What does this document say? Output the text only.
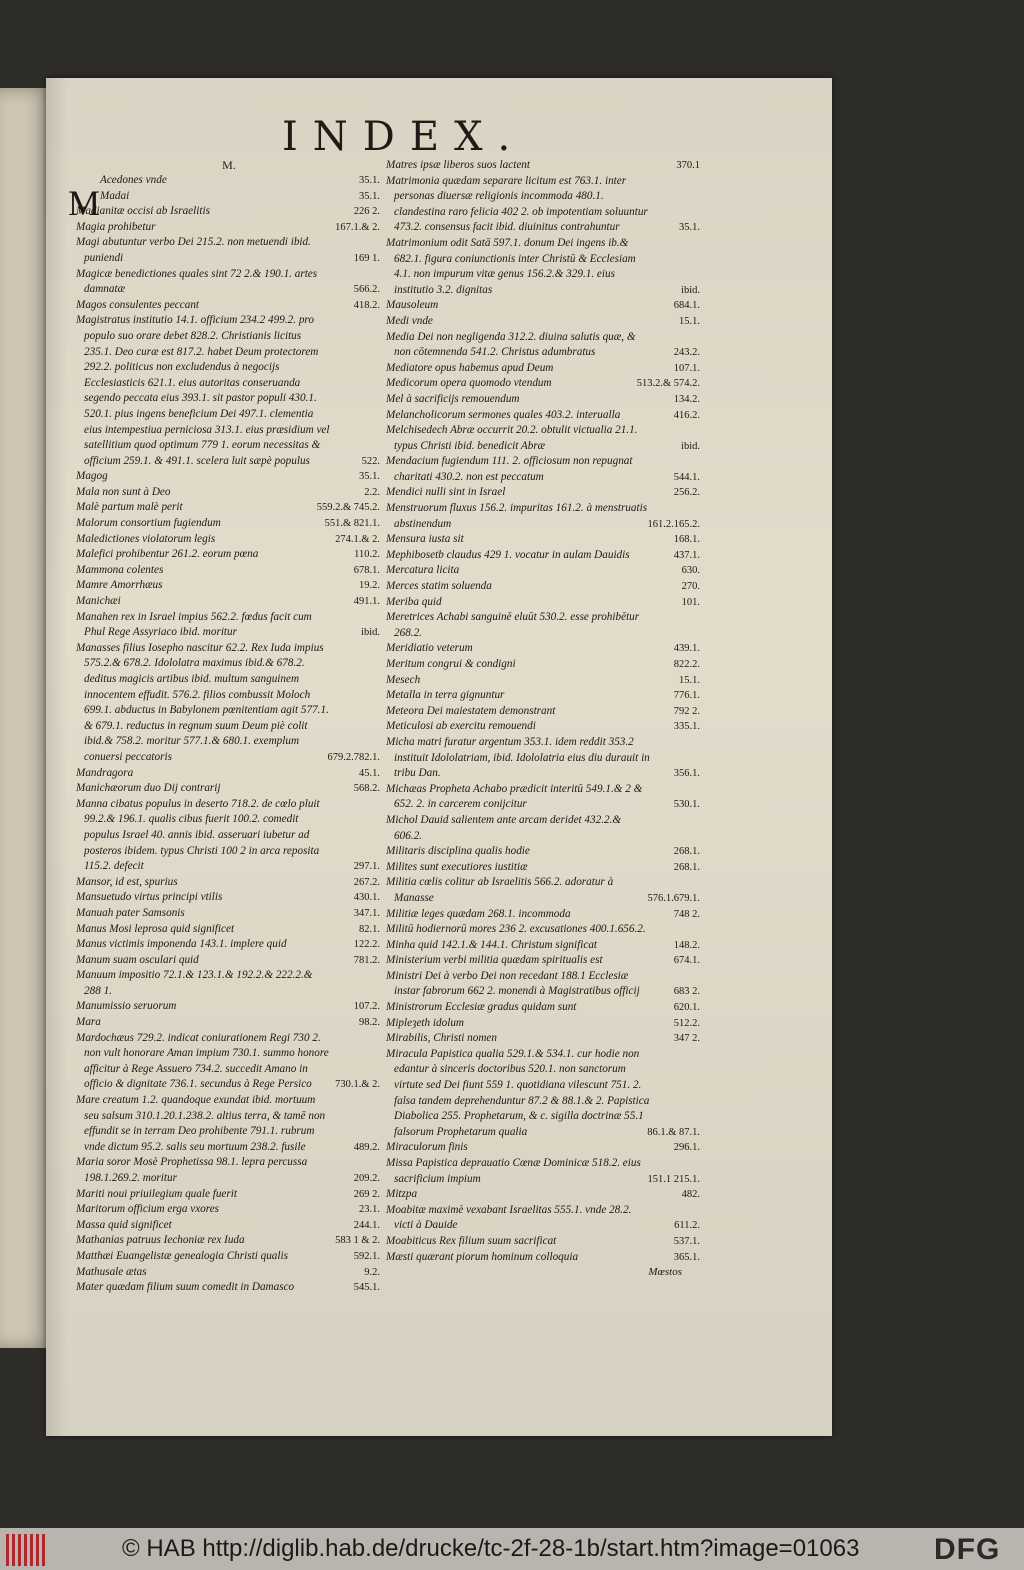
INDEX.
M.
M
Acedones vnde	35.1.
Madai	35.1.
Madianitæ occisi ab Israelitis	226 2.
Magia prohibetur	167.1.& 2.
Magi abutuntur verbo Dei 215.2. non metuendi ibid. puniendi	169 1.
Magicæ benedictiones quales sint 72 2.& 190.1. artes damnatæ	566.2.
Magos consulentes peccant	418.2.
Magistratus institutio 14.1. officium 234.2 499.2. pro populo suo orare debet 828.2. Christianis licitus 235.1. Deo curæ est 817.2. habet Deum protectorem 292.2. politicus non excludendus à negocijs Ecclesiasticis 621.1. eius autoritas conseruanda segendo peccata eius 393.1. sit pastor populi 430.1. 520.1. pius ingens beneficium Dei 497.1. clementia eius intempestiua perniciosa 313.1. eius præsidium vel satellitium quod optimum 779 1. eorum necessitas & officium 259.1. & 491.1. scelera luit sæpè populus	522.
Magog	35.1.
Mala non sunt à Deo	2.2.
Malè partum malè perit	559.2.& 745.2.
Malorum consortium fugiendum	551.& 821.1.
Maledictiones violatorum legis	274.1.& 2.
Malefici prohibentur 261.2. eorum pœna	110.2.
Mammona colentes	678.1.
Mamre Amorrhæus	19.2.
Manichæi	491.1.
Manahen rex in Israel impius 562.2. fœdus facit cum Phul Rege Assyriaco ibid. moritur	ibid.
Manasses filius Iosepho nascitur 62.2. Rex Iuda impius 575.2.& 678.2. Idololatra maximus ibid.& 678.2. deditus magicis artibus ibid. multum sanguinem innocentem effudit. 576.2. filios combussit Moloch 699.1. abductus in Babylonem pœnitentiam agit 577.1. & 679.1. reductus in regnum suum Deum piè colit ibid.& 758.2. moritur 577.1.& 680.1. exemplum conuersi peccatoris	679.2.782.1.
Mandragora	45.1.
Manichæorum duo Dij contrarij	568.2.
Manna cibatus populus in deserto 718.2. de cœlo pluit 99.2.& 196.1. qualis cibus fuerit 100.2. comedit populus Israel 40. annis ibid. asseruari iubetur ad posteros ibidem. typus Christi 100 2 in arca reposita 115.2. defecit	297.1.
Mansor, id est, spurius	267.2.
Mansuetudo virtus principi vtilis	430.1.
Manuah pater Samsonis	347.1.
Manus Mosi leprosa quid significet	82.1.
Manus victimis imponenda 143.1. implere quid	122.2.
Manum suam osculari quid	781.2.
Manuum impositio 72.1.& 123.1.& 192.2.& 222.2.& 288 1.
Manumissio seruorum	107.2.
Mara	98.2.
Mardochæus 729.2. indicat coniurationem Regi 730 2. non vult honorare Aman impium 730.1. summo honore afficitur à Rege Assuero 734.2. succedit Amano in officio & dignitate 736.1. secundus à Rege Persico 730.1.& 2.
Mare creatum 1.2. quandoque exundat ibid. mortuum seu salsum 310.1.20.1.238.2. altius terra, & tamē non effundit se in terram Deo prohibente 791.1. rubrum vnde dictum 95.2. salis seu mortuum 238.2. fusile	489.2.
Maria soror Mosè Prophetissa 98.1. lepra percussa 198.1.269.2. moritur	209.2.
Mariti noui priuilegium quale fuerit	269 2.
Maritorum officium erga vxores	23.1.
Massa quid significet	244.1.
Mathanias patruus Iechoniæ rex Iuda	583 1 & 2.
Matthæi Euangelistæ genealogia Christi qualis	592.1.
Mathusale ætas	9.2.
Mater quædam filium suum comedit in Damasco	545.1.
Matres ipsæ liberos suos lactent	370.1
Matrimonia quædam separare licitum est 763.1. inter personas diuersæ religionis incommoda 480.1. clandestina raro felicia 402 2. ob impotentiam soluuntur 473.2. consensus facit ibid. diuinitus contrahuntur	35.1.
Matrimonium odit Satā 597.1. donum Dei ingens ib.& 682.1. figura coniunctionis inter Christū & Ecclesiam 4.1. non impurum vitæ genus 156.2.& 329.1. eius institutio 3.2. dignitas	ibid.
Mausoleum	684.1.
Medi vnde	15.1.
Media Dei non negligenda 312.2. diuina salutis quæ, & non cōtemnenda 541.2. Christus adumbratus	243.2.
Mediatore opus habemus apud Deum	107.1.
Medicorum opera quomodo vtendum	513.2.& 574.2.
Mel à sacrificijs remouendum	134.2.
Melancholicorum sermones quales 403.2. interualla	416.2.
Melchisedech Abræ occurrit 20.2. obtulit victualia 21.1. typus Christi ibid. benedicit Abræ	ibid.
Mendacium fugiendum 111. 2. officiosum non repugnat charitati 430.2. non est peccatum	544.1.
Mendici nulli sint in Israel	256.2.
Menstruorum fluxus 156.2. impuritas 161.2. à menstruatis abstinendum	161.2.165.2.
Mensura iusta sit	168.1.
Mephibosetb claudus 429 1. vocatur in aulam Dauidis	437.1.
Mercatura licita	630.
Merces statim soluenda	270.
Meriba quid	101.
Meretrices Achabi sanguinē eluūt 530.2. esse prohibētur 268.2.
Meridiatio veterum	439.1.
Meritum congrui & condigni	822.2.
Mesech	15.1.
Metalla in terra gignuntur	776.1.
Meteora Dei maiestatem demonstrant	792 2.
Meticulosi ab exercitu remouendi	335.1.
Micha matri furatur argentum 353.1. idem reddit 353.2 instituit Idololatriam, ibid. Idololatria eius diu durauit in tribu Dan.	356.1.
Michæas Propheta Achabo prædicit interitū 549.1.& 2 & 652. 2. in carcerem conijcitur	530.1.
Michol Dauid salientem ante arcam deridet 432.2.& 606.2.
Militaris disciplina qualis hodie	268.1.
Milites sunt executiores iustitiæ	268.1.
Militia cœlis colitur ab Israelitis 566.2. adoratur à Manasse	576.1.679.1.
Militiæ leges quædam 268.1. incommoda	748 2.
Militū hodiernorū mores 236 2. excusationes 400.1.656.2.
Minha quid 142.1.& 144.1. Christum significat	148.2.
Ministerium verbi militia quædam spiritualis est	674.1.
Ministri Dei à verbo Dei non recedant 188.1 Ecclesiæ instar fabrorum 662 2. monendi à Magistratibus officij	683 2.
Ministrorum Ecclesiæ gradus quidam sunt	620.1.
Mipleȝeth idolum	512.2.
Mirabilis, Christi nomen	347 2.
Miracula Papistica qualia 529.1.& 534.1. cur hodie non edantur à sinceris doctoribus 520.1. non sanctorum virtute sed Dei fiunt 559 1. quotidiana vilescunt 751. 2. falsa tandem deprehenduntur 87.2 & 88.1.& 2. Papistica Diabolica 255. Prophetarum, & c. sigilla doctrinæ 55.1 falsorum Prophetarum qualia	86.1.& 87.1.
Miraculorum finis	296.1.
Missa Papistica deprauatio Cœnæ Dominicæ 518.2. eius sacrificium impium	151.1 215.1.
Mitzpa	482.
Moabitæ maximè vexabant Israelitas 555.1. vnde 28.2. victi à Dauide	611.2.
Moabiticus Rex filium suum sacrificat	537.1.
Mæsti quærant piorum hominum colloquia	365.1.
Mœstos
© HAB http://diglib.hab.de/drucke/tc-2f-28-1b/start.htm?image=01063 DFG
